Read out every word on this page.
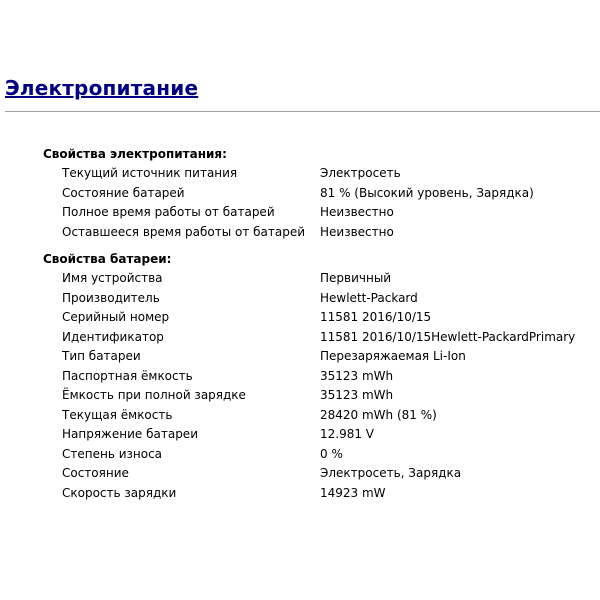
Электропитание
Свойства электропитания:
Текущий источник питания	Электросеть
Состояние батарей	81 % (Высокий уровень, Зарядка)
Полное время работы от батарей	Неизвестно
Оставшееся время работы от батарей	Неизвестно
Свойства батареи:
Имя устройства	Первичный
Производитель	Hewlett-Packard
Серийный номер	11581 2016/10/15
Идентификатор	11581 2016/10/15Hewlett-PackardPrimary
Тип батареи	Перезаряжаемая Li-Ion
Паспортная ёмкость	35123 mWh
Ёмкость при полной зарядке	35123 mWh
Текущая ёмкость	28420 mWh (81 %)
Напряжение батареи	12.981 V
Степень износа	0 %
Состояние	Электросеть, Зарядка
Скорость зарядки	14923 mW
